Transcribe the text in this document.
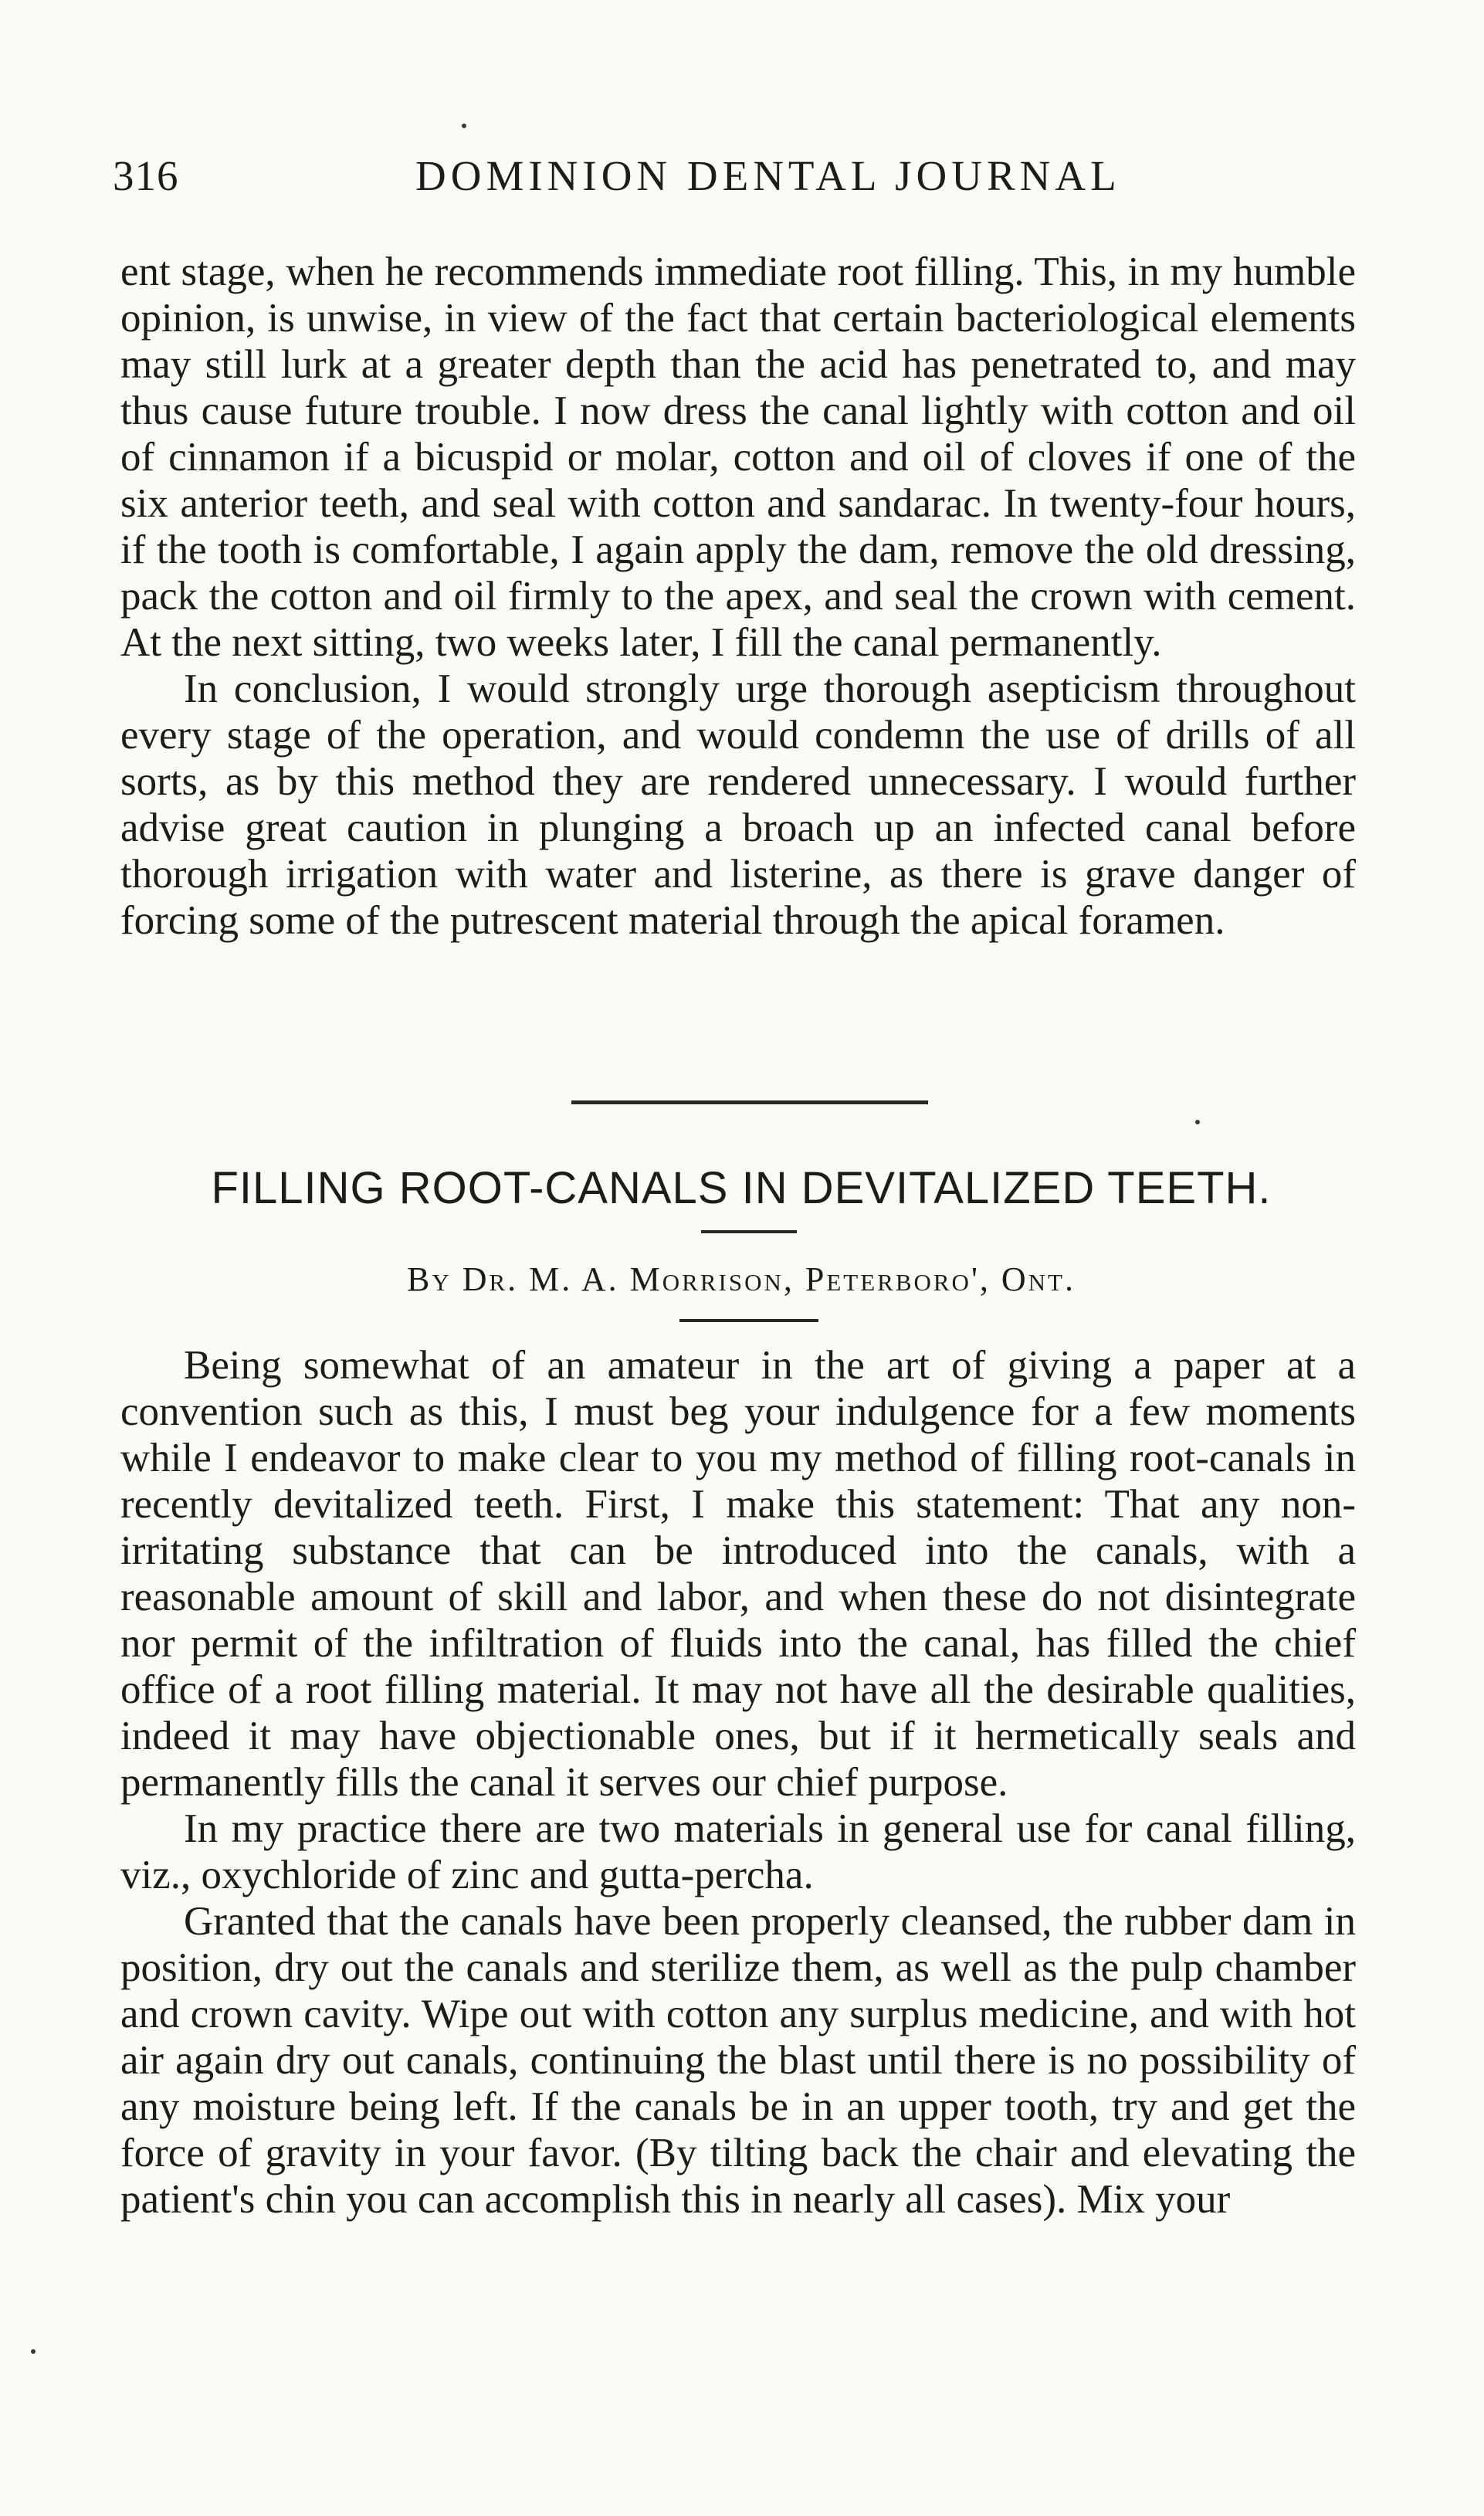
316	DOMINION DENTAL JOURNAL

ent stage, when he recommends immediate root filling. This, in my humble opinion, is unwise, in view of the fact that certain bacteriological elements may still lurk at a greater depth than the acid has penetrated to, and may thus cause future trouble. I now dress the canal lightly with cotton and oil of cinnamon if a bicuspid or molar, cotton and oil of cloves if one of the six anterior teeth, and seal with cotton and sandarac. In twenty-four hours, if the tooth is comfortable, I again apply the dam, remove the old dressing, pack the cotton and oil firmly to the apex, and seal the crown with cement. At the next sitting, two weeks later, I fill the canal permanently.

In conclusion, I would strongly urge thorough asepticism throughout every stage of the operation, and would condemn the use of drills of all sorts, as by this method they are rendered unnecessary. I would further advise great caution in plunging a broach up an infected canal before thorough irrigation with water and listerine, as there is grave danger of forcing some of the putrescent material through the apical foramen.

FILLING ROOT-CANALS IN DEVITALIZED TEETH.
By Dr. M. A. Morrison, Peterboro', Ont.

Being somewhat of an amateur in the art of giving a paper at a convention such as this, I must beg your indulgence for a few moments while I endeavor to make clear to you my method of filling root-canals in recently devitalized teeth. First, I make this statement: That any non-irritating substance that can be introduced into the canals, with a reasonable amount of skill and labor, and when these do not disintegrate nor permit of the infiltration of fluids into the canal, has filled the chief office of a root filling material. It may not have all the desirable qualities, indeed it may have objectionable ones, but if it hermetically seals and permanently fills the canal it serves our chief purpose.

In my practice there are two materials in general use for canal filling, viz., oxychloride of zinc and gutta-percha.

Granted that the canals have been properly cleansed, the rubber dam in position, dry out the canals and sterilize them, as well as the pulp chamber and crown cavity. Wipe out with cotton any surplus medicine, and with hot air again dry out canals, continuing the blast until there is no possibility of any moisture being left. If the canals be in an upper tooth, try and get the force of gravity in your favor. (By tilting back the chair and elevating the patient's chin you can accomplish this in nearly all cases). Mix your
